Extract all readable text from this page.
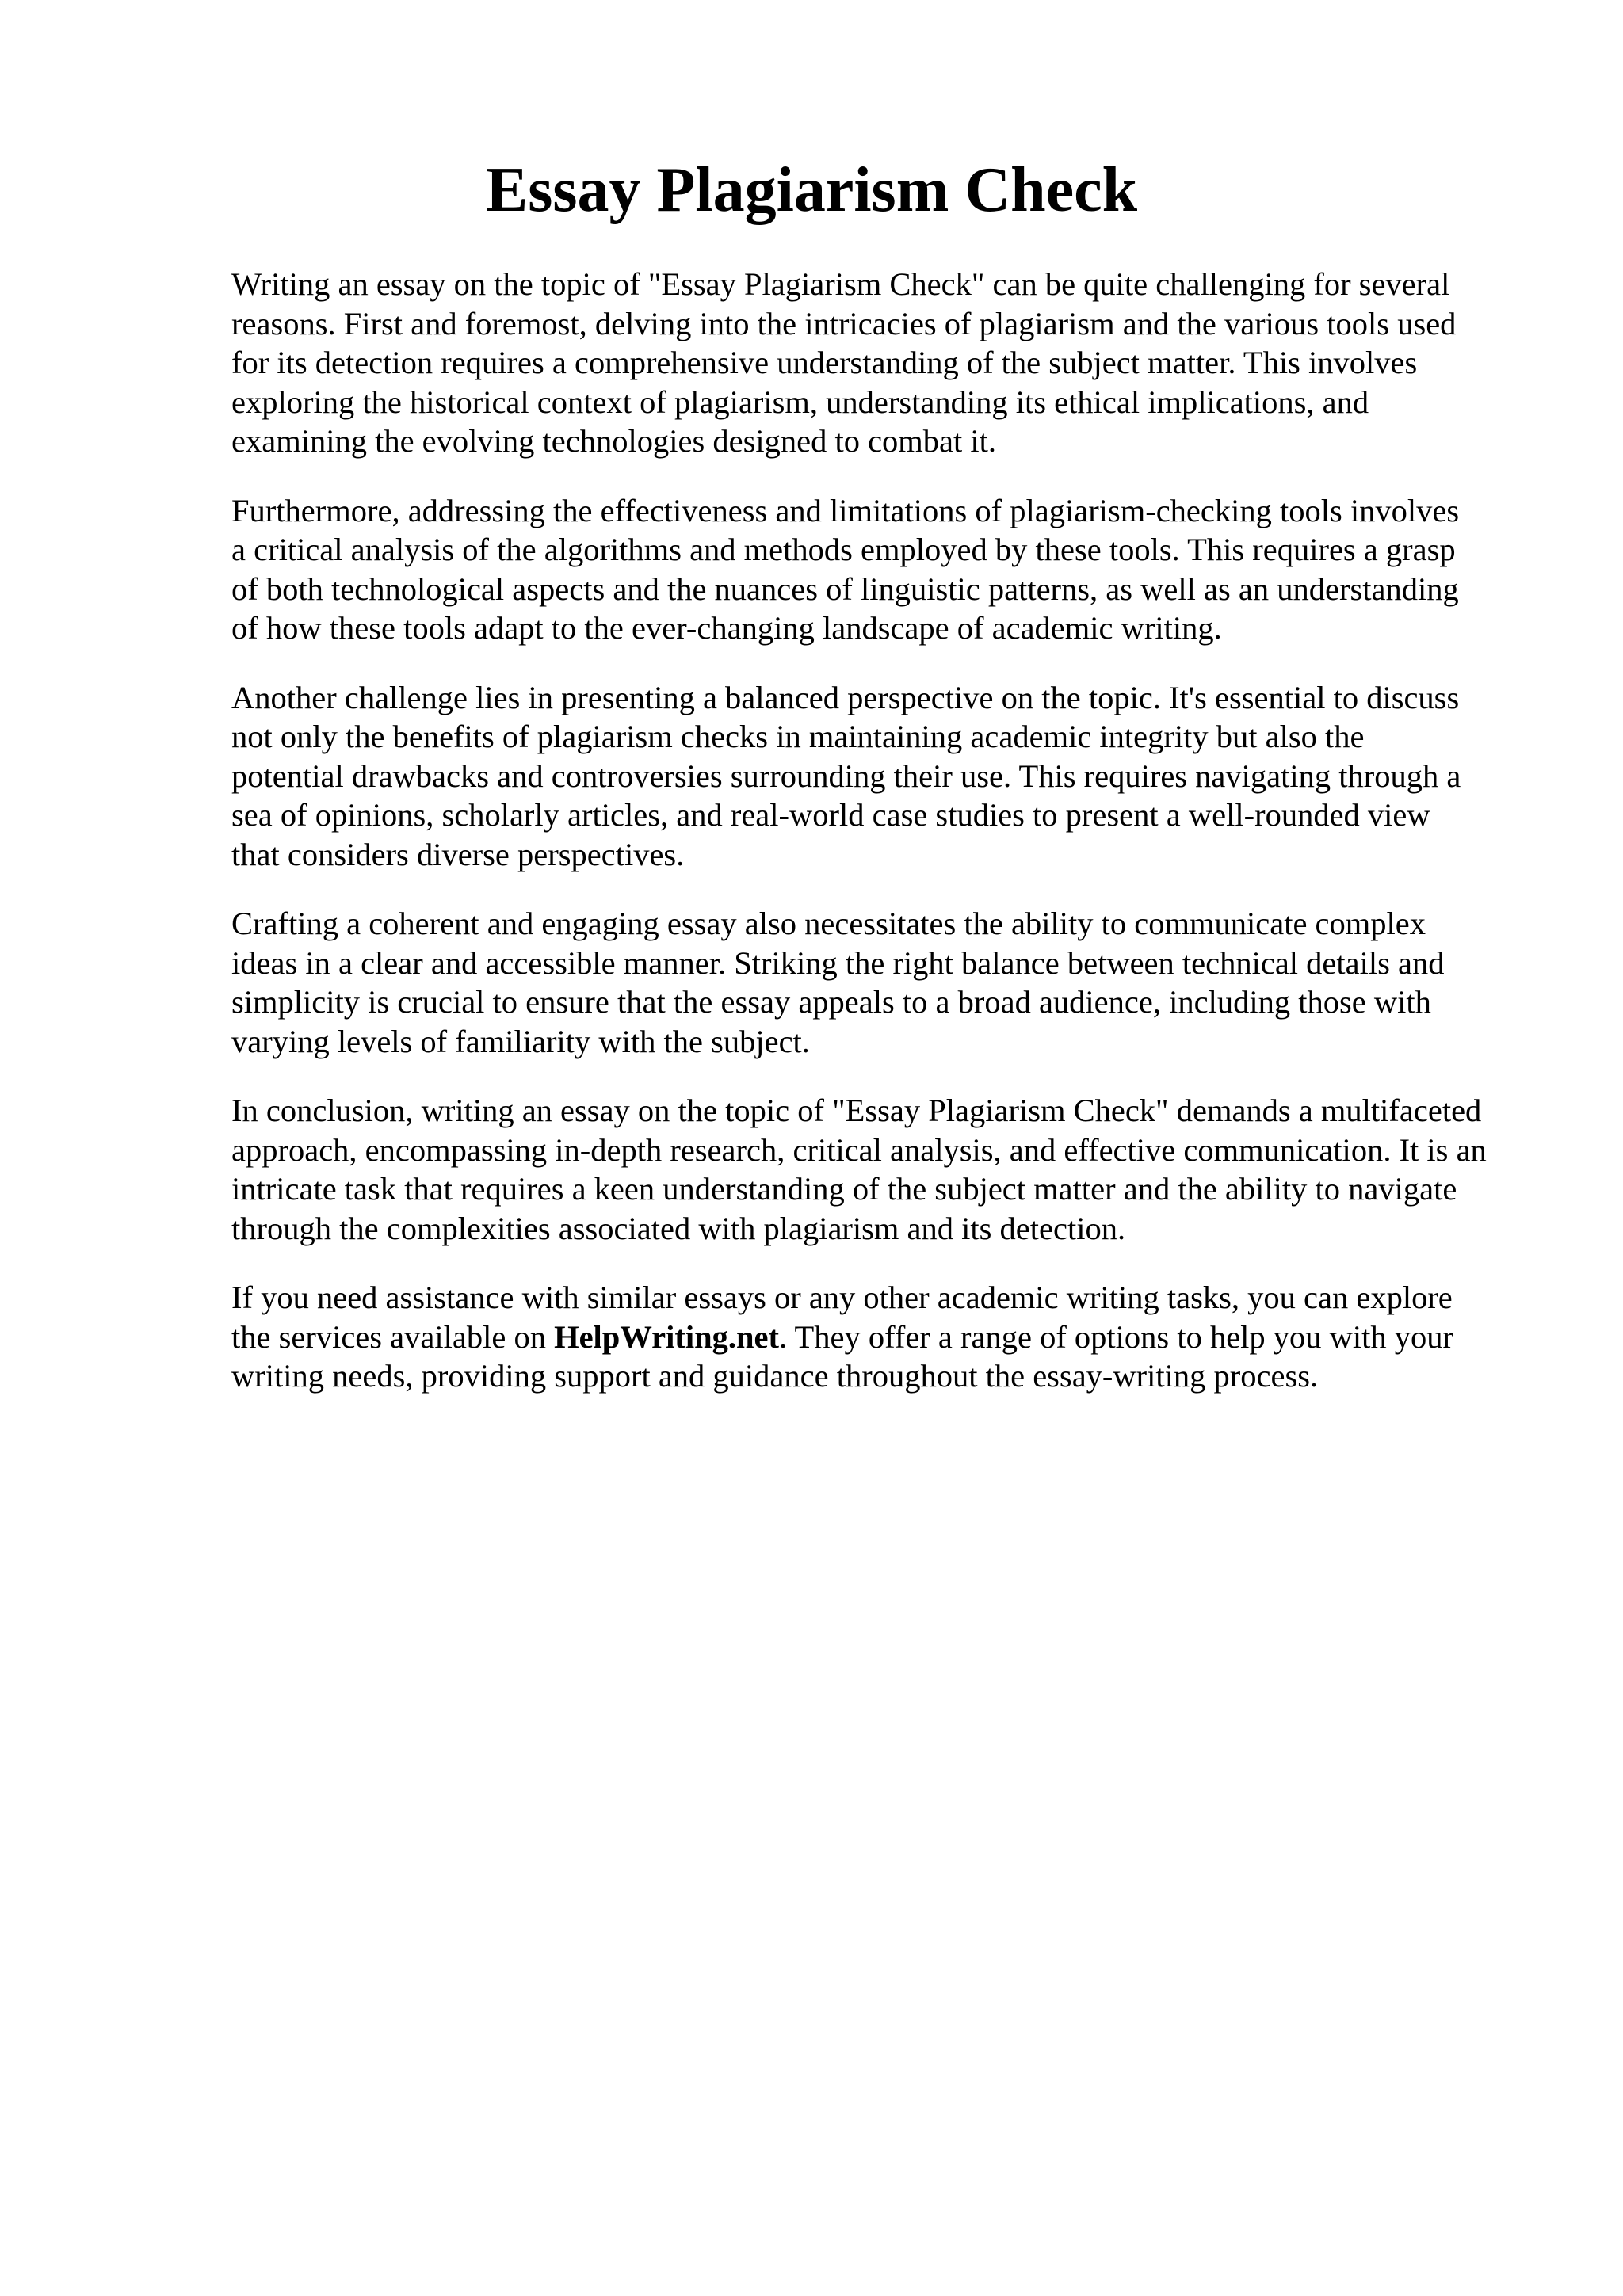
Essay Plagiarism Check

Writing an essay on the topic of "Essay Plagiarism Check" can be quite challenging for several
reasons. First and foremost, delving into the intricacies of plagiarism and the various tools used
for its detection requires a comprehensive understanding of the subject matter. This involves
exploring the historical context of plagiarism, understanding its ethical implications, and
examining the evolving technologies designed to combat it.

Furthermore, addressing the effectiveness and limitations of plagiarism-checking tools involves
a critical analysis of the algorithms and methods employed by these tools. This requires a grasp
of both technological aspects and the nuances of linguistic patterns, as well as an understanding
of how these tools adapt to the ever-changing landscape of academic writing.

Another challenge lies in presenting a balanced perspective on the topic. It's essential to discuss
not only the benefits of plagiarism checks in maintaining academic integrity but also the
potential drawbacks and controversies surrounding their use. This requires navigating through a
sea of opinions, scholarly articles, and real-world case studies to present a well-rounded view
that considers diverse perspectives.

Crafting a coherent and engaging essay also necessitates the ability to communicate complex
ideas in a clear and accessible manner. Striking the right balance between technical details and
simplicity is crucial to ensure that the essay appeals to a broad audience, including those with
varying levels of familiarity with the subject.

In conclusion, writing an essay on the topic of "Essay Plagiarism Check" demands a multifaceted
approach, encompassing in-depth research, critical analysis, and effective communication. It is an
intricate task that requires a keen understanding of the subject matter and the ability to navigate
through the complexities associated with plagiarism and its detection.

If you need assistance with similar essays or any other academic writing tasks, you can explore
the services available on HelpWriting.net. They offer a range of options to help you with your
writing needs, providing support and guidance throughout the essay-writing process.
